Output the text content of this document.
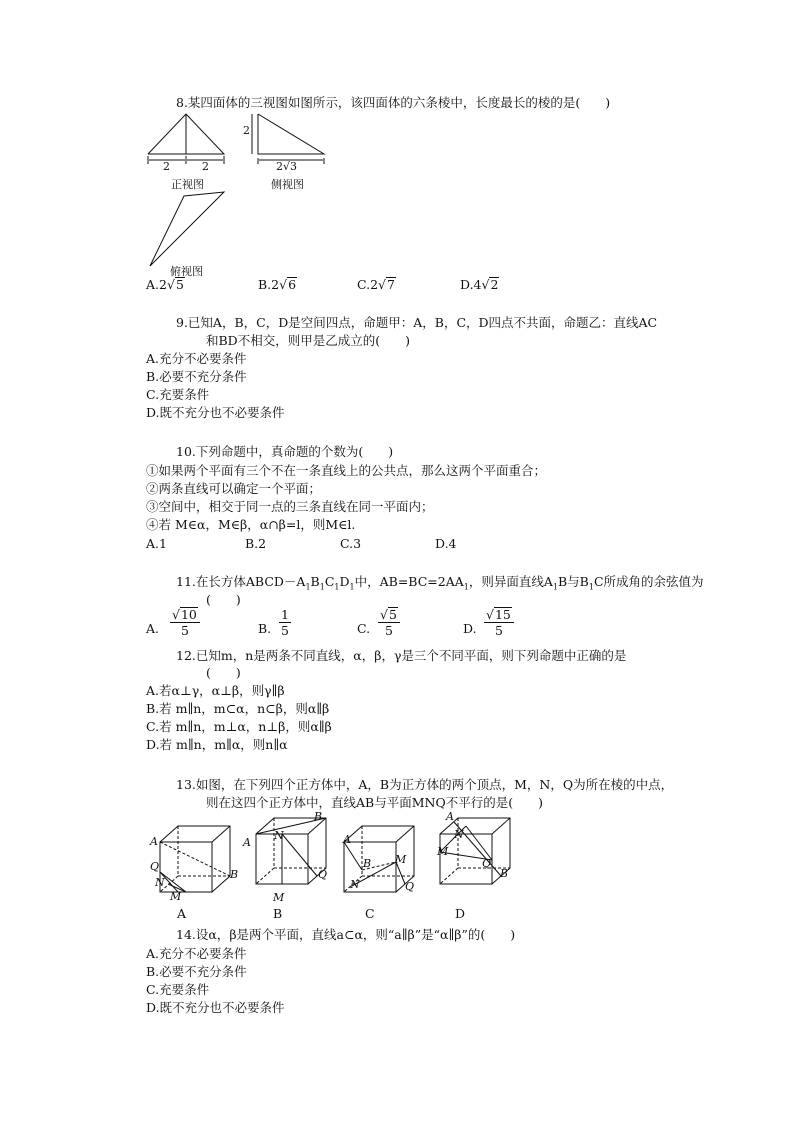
8.某四面体的三视图如图所示，该四面体的六条棱中，长度最长的棱的是(　　)
2	2
正视图
2
2√3
侧视图
俯视图
A.2√5	B.2√6	C.2√7	D.4√2
9.已知A，B，C，D是空间四点，命题甲：A，B，C，D四点不共面，命题乙：直线AC
和BD不相交，则甲是乙成立的(　　)
A.充分不必要条件
B.必要不充分条件
C.充要条件
D.既不充分也不必要条件
10.下列命题中，真命题的个数为(　　)
①如果两个平面有三个不在一条直线上的公共点，那么这两个平面重合；
②两条直线可以确定一个平面；
③空间中，相交于同一点的三条直线在同一平面内；
④若 M∈α，M∈β，α∩β=l，则M∈l.
A.1	B.2	C.3	D.4
11.在长方体$ABCD-A_1B_1C_1D_1$中，$AB=BC=2AA_1$，则异面直线$A_1B$与$B_1C$所成角的余弦值为
(　　)
A. $\frac{√10}{5}$	B. $\frac{1}{5}$	C. $\frac{√5}{5}$	D. $\frac{√15}{5}$
12.已知m，n是两条不同直线，α，β，γ是三个不同平面，则下列命题中正确的是
(　　)
A.若α⊥γ，α⊥β，则γ∥β
B.若 m∥n，m⊂α，n⊂β，则α∥β
C.若 m∥n，m⊥α，n⊥β，则α∥β
D.若 m∥n，m∥α，则n∥α
13.如图，在下列四个正方体中，A，B为正方体的两个顶点，M，N，Q为所在棱的中点，
则在这四个正方体中，直线AB与平面MNQ不平行的是(　　)
A
Q
N
M
B
A
N
B
Q
M
A
B M
N	Q
A
N
M
Q
B
A	B	C	D
14.设α，β是两个平面，直线a⊂α，则“a∥β”是“α∥β”的(　　)
A.充分不必要条件
B.必要不充分条件
C.充要条件
D.既不充分也不必要条件
